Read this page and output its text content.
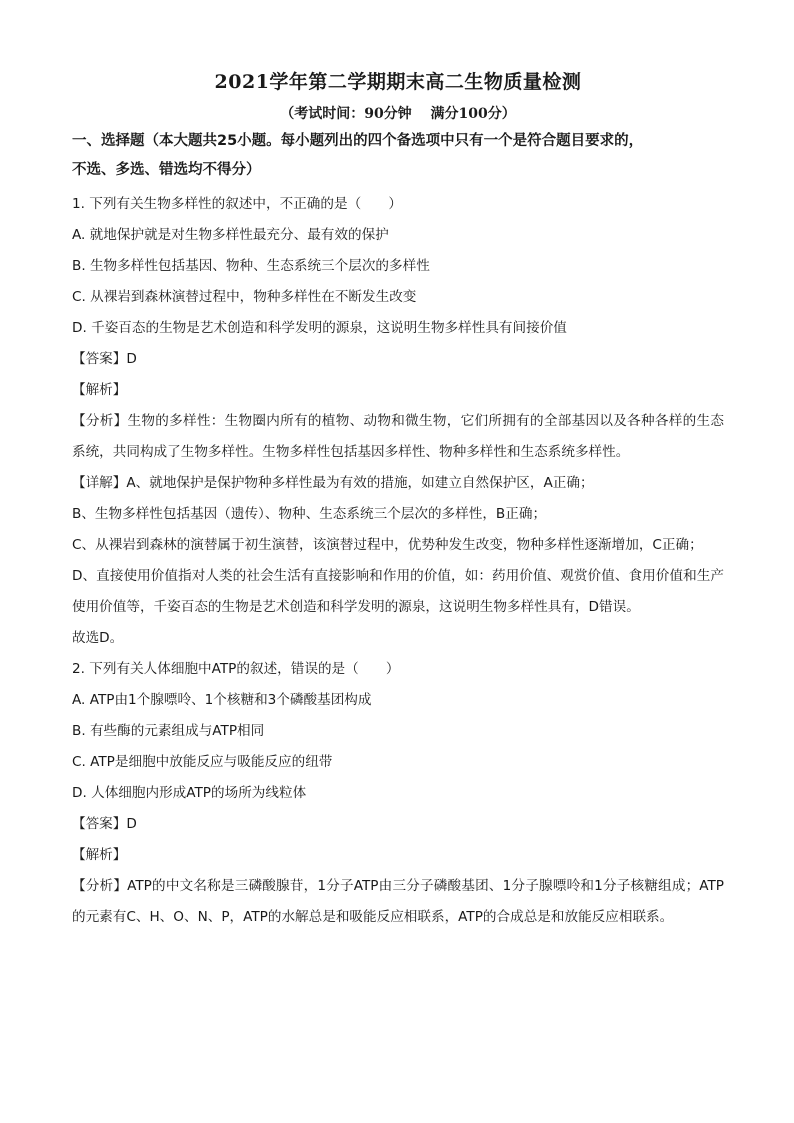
2021学年第二学期期末高二生物质量检测
（考试时间：90分钟　 满分100分）
一、选择题（本大题共25小题。每小题列出的四个备选项中只有一个是符合题目要求的，
不选、多选、错选均不得分）

1. 下列有关生物多样性的叙述中，不正确的是（　　）

A. 就地保护就是对生物多样性最充分、最有效的保护

B. 生物多样性包括基因、物种、生态系统三个层次的多样性

C. 从裸岩到森林演替过程中，物种多样性在不断发生改变

D. 千姿百态的生物是艺术创造和科学发明的源泉，这说明生物多样性具有间接价值

【答案】D

【解析】

【分析】生物的多样性：生物圈内所有的植物、动物和微生物，它们所拥有的全部基因以及各种各样的生态系统，共同构成了生物多样性。生物多样性包括基因多样性、物种多样性和生态系统多样性。

【详解】A、就地保护是保护物种多样性最为有效的措施，如建立自然保护区，A正确；

B、生物多样性包括基因（遗传）、物种、生态系统三个层次的多样性，B正确；

C、从裸岩到森林的演替属于初生演替，该演替过程中，优势种发生改变，物种多样性逐渐增加，C正确；

D、直接使用价值指对人类的社会生活有直接影响和作用的价值，如：药用价值、观赏价值、食用价值和生产使用价值等，千姿百态的生物是艺术创造和科学发明的源泉，这说明生物多样性具有，D错误。

故选D。

2. 下列有关人体细胞中ATP的叙述，错误的是（　　）

A. ATP由1个腺嘌呤、1个核糖和3个磷酸基团构成

B. 有些酶的元素组成与ATP相同

C. ATP是细胞中放能反应与吸能反应的纽带

D. 人体细胞内形成ATP的场所为线粒体

【答案】D

【解析】

【分析】ATP的中文名称是三磷酸腺苷，1分子ATP由三分子磷酸基团、1分子腺嘌呤和1分子核糖组成；ATP的元素有C、H、O、N、P，ATP的水解总是和吸能反应相联系，ATP的合成总是和放能反应相联系。
